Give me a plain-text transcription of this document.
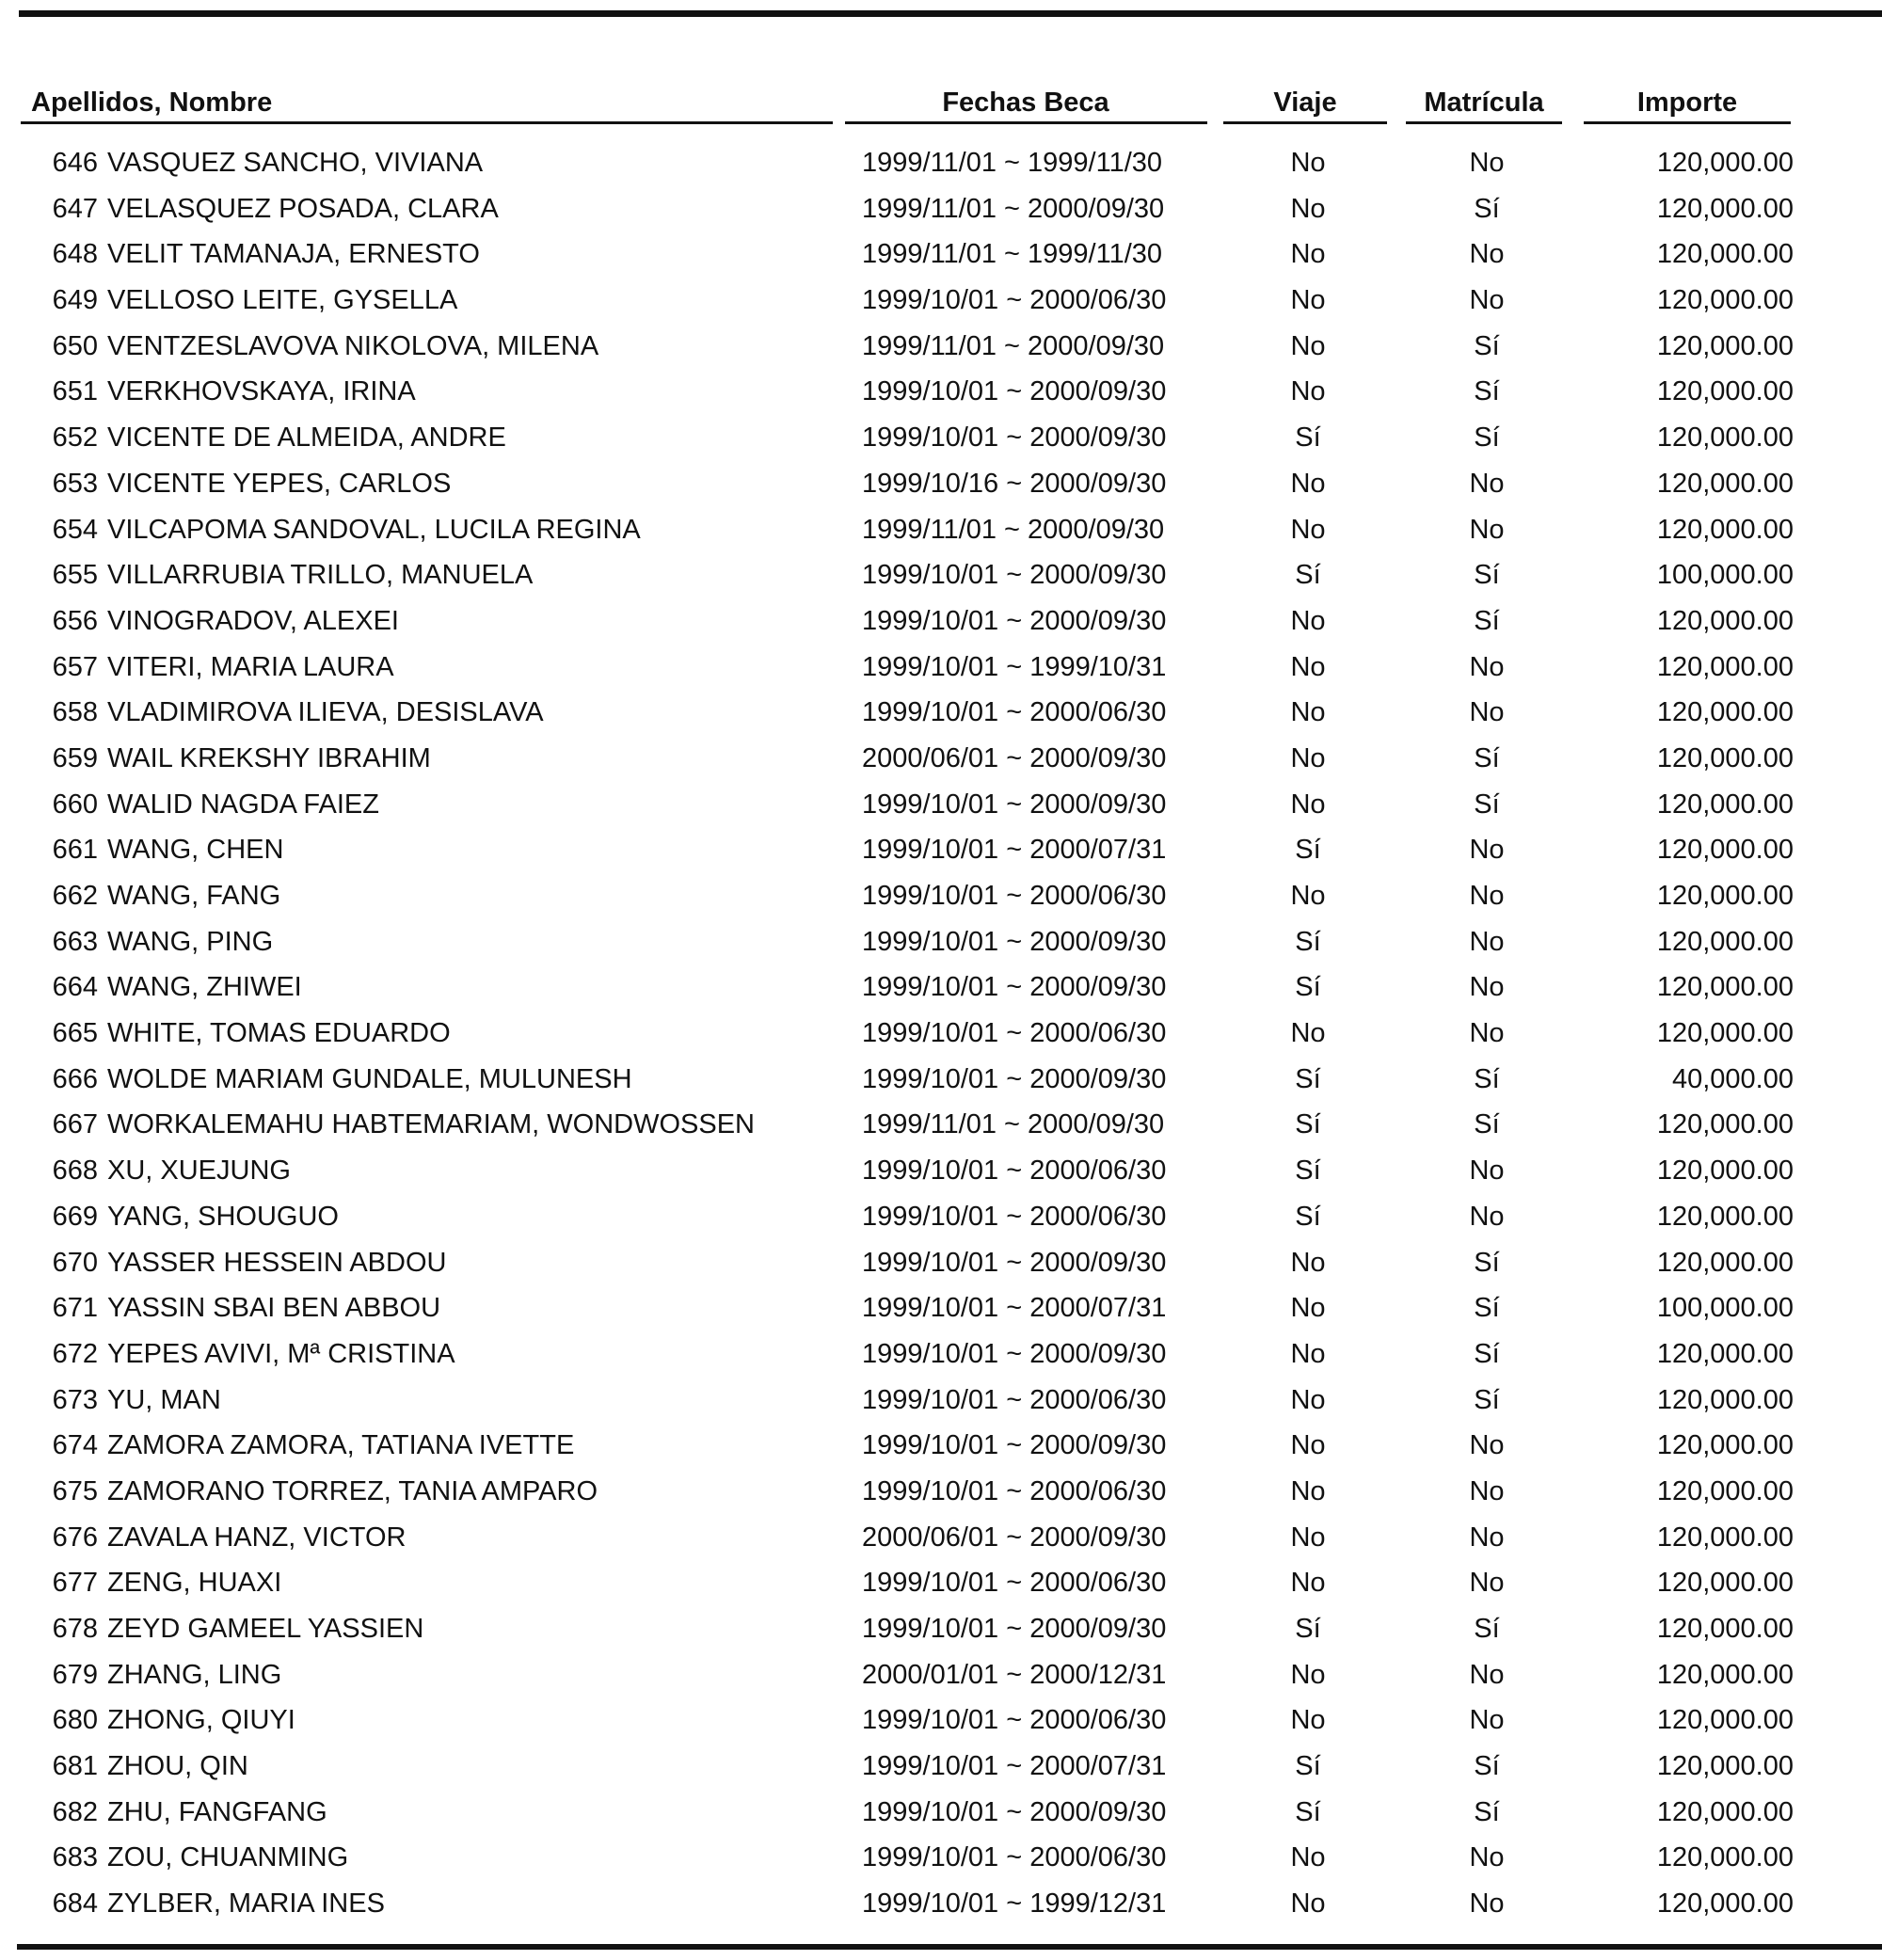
Apellidos, Nombre	Fechas Beca	Viaje	Matrícula	Importe
646 VASQUEZ SANCHO, VIVIANA	1999/11/01 ~ 1999/11/30	No	No	120,000.00
647 VELASQUEZ POSADA, CLARA	1999/11/01 ~ 2000/09/30	No	Sí	120,000.00
648 VELIT TAMANAJA, ERNESTO	1999/11/01 ~ 1999/11/30	No	No	120,000.00
649 VELLOSO LEITE, GYSELLA	1999/10/01 ~ 2000/06/30	No	No	120,000.00
650 VENTZESLAVOVA NIKOLOVA, MILENA	1999/11/01 ~ 2000/09/30	No	Sí	120,000.00
651 VERKHOVSKAYA, IRINA	1999/10/01 ~ 2000/09/30	No	Sí	120,000.00
652 VICENTE DE ALMEIDA, ANDRE	1999/10/01 ~ 2000/09/30	Sí	Sí	120,000.00
653 VICENTE YEPES, CARLOS	1999/10/16 ~ 2000/09/30	No	No	120,000.00
654 VILCAPOMA SANDOVAL, LUCILA REGINA	1999/11/01 ~ 2000/09/30	No	No	120,000.00
655 VILLARRUBIA TRILLO, MANUELA	1999/10/01 ~ 2000/09/30	Sí	Sí	100,000.00
656 VINOGRADOV, ALEXEI	1999/10/01 ~ 2000/09/30	No	Sí	120,000.00
657 VITERI, MARIA LAURA	1999/10/01 ~ 1999/10/31	No	No	120,000.00
658 VLADIMIROVA ILIEVA, DESISLAVA	1999/10/01 ~ 2000/06/30	No	No	120,000.00
659 WAIL KREKSHY IBRAHIM	2000/06/01 ~ 2000/09/30	No	Sí	120,000.00
660 WALID NAGDA FAIEZ	1999/10/01 ~ 2000/09/30	No	Sí	120,000.00
661 WANG, CHEN	1999/10/01 ~ 2000/07/31	Sí	No	120,000.00
662 WANG, FANG	1999/10/01 ~ 2000/06/30	No	No	120,000.00
663 WANG, PING	1999/10/01 ~ 2000/09/30	Sí	No	120,000.00
664 WANG, ZHIWEI	1999/10/01 ~ 2000/09/30	Sí	No	120,000.00
665 WHITE, TOMAS EDUARDO	1999/10/01 ~ 2000/06/30	No	No	120,000.00
666 WOLDE MARIAM GUNDALE, MULUNESH	1999/10/01 ~ 2000/09/30	Sí	Sí	40,000.00
667 WORKALEMAHU HABTEMARIAM, WONDWOSSEN	1999/11/01 ~ 2000/09/30	Sí	Sí	120,000.00
668 XU, XUEJUNG	1999/10/01 ~ 2000/06/30	Sí	No	120,000.00
669 YANG, SHOUGUO	1999/10/01 ~ 2000/06/30	Sí	No	120,000.00
670 YASSER HESSEIN ABDOU	1999/10/01 ~ 2000/09/30	No	Sí	120,000.00
671 YASSIN SBAI BEN ABBOU	1999/10/01 ~ 2000/07/31	No	Sí	100,000.00
672 YEPES AVIVI, Mª CRISTINA	1999/10/01 ~ 2000/09/30	No	Sí	120,000.00
673 YU, MAN	1999/10/01 ~ 2000/06/30	No	Sí	120,000.00
674 ZAMORA ZAMORA, TATIANA IVETTE	1999/10/01 ~ 2000/09/30	No	No	120,000.00
675 ZAMORANO TORREZ, TANIA AMPARO	1999/10/01 ~ 2000/06/30	No	No	120,000.00
676 ZAVALA HANZ, VICTOR	2000/06/01 ~ 2000/09/30	No	No	120,000.00
677 ZENG, HUAXI	1999/10/01 ~ 2000/06/30	No	No	120,000.00
678 ZEYD GAMEEL YASSIEN	1999/10/01 ~ 2000/09/30	Sí	Sí	120,000.00
679 ZHANG, LING	2000/01/01 ~ 2000/12/31	No	No	120,000.00
680 ZHONG, QIUYI	1999/10/01 ~ 2000/06/30	No	No	120,000.00
681 ZHOU, QIN	1999/10/01 ~ 2000/07/31	Sí	Sí	120,000.00
682 ZHU, FANGFANG	1999/10/01 ~ 2000/09/30	Sí	Sí	120,000.00
683 ZOU, CHUANMING	1999/10/01 ~ 2000/06/30	No	No	120,000.00
684 ZYLBER, MARIA INES	1999/10/01 ~ 1999/12/31	No	No	120,000.00
